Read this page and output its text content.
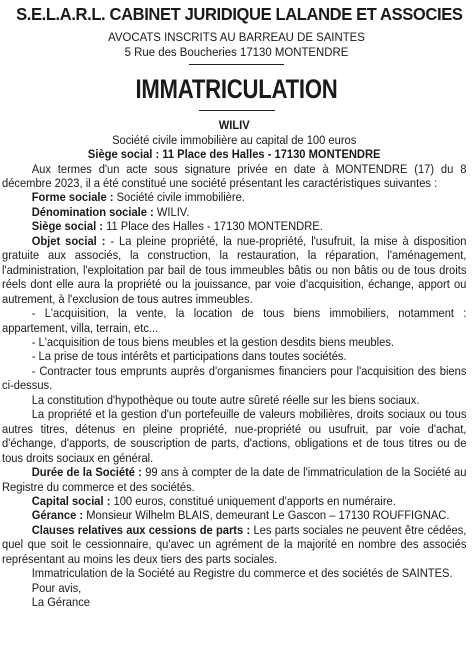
S.E.L.A.R.L. CABINET JURIDIQUE LALANDE ET ASSOCIES
AVOCATS INSCRITS AU BARREAU DE SAINTES
5 Rue des Boucheries 17130 MONTENDRE
IMMATRICULATION

WILIV

Société civile immobilière au capital de 100 euros

Siège social : 11 Place des Halles - 17130 MONTENDRE

Aux termes d'un acte sous signature privée en date à MONTENDRE (17) du 8 décembre 2023, il a été constitué une société présentant les caractéristiques suivantes :

Forme sociale : Société civile immobilière.

Dénomination sociale : WILIV.

Siège social : 11 Place des Halles - 17130 MONTENDRE.

Objet social : - La pleine propriété, la nue-propriété, l'usufruit, la mise à disposition gratuite aux associés, la construction, la restauration, la réparation, l'aménagement, l'administration, l'exploitation par bail de tous immeubles bâtis ou non bâtis ou de tous droits réels dont elle aura la propriété ou la jouissance, par voie d'acquisition, échange, apport ou autrement, à l'exclusion de tous autres immeubles.

- L'acquisition, la vente, la location de tous biens immobiliers, notamment : appartement, villa, terrain, etc...

- L'acquisition de tous biens meubles et la gestion desdits biens meubles.

- La prise de tous intérêts et participations dans toutes sociétés.

- Contracter tous emprunts auprès d'organismes financiers pour l'acquisition des biens ci-dessus.

La constitution d'hypothèque ou toute autre sûreté réelle sur les biens sociaux.

La propriété et la gestion d'un portefeuille de valeurs mobilières, droits sociaux ou tous autres titres, détenus en pleine propriété, nue-propriété ou usufruit, par voie d'achat, d'échange, d'apports, de souscription de parts, d'actions, obligations et de tous titres ou de tous droits sociaux en général.

Durée de la Société : 99 ans à compter de la date de l'immatriculation de la Société au Registre du commerce et des sociétés.

Capital social : 100 euros, constitué uniquement d'apports en numéraire.

Gérance : Monsieur Wilhelm BLAIS, demeurant Le Gascon – 17130 ROUFFIGNAC.

Clauses relatives aux cessions de parts : Les parts sociales ne peuvent être cédées, quel que soit le cessionnaire, qu'avec un agrément de la majorité en nombre des associés représentant au moins les deux tiers des parts sociales.

Immatriculation de la Société au Registre du commerce et des sociétés de SAINTES.

Pour avis,

La Gérance
